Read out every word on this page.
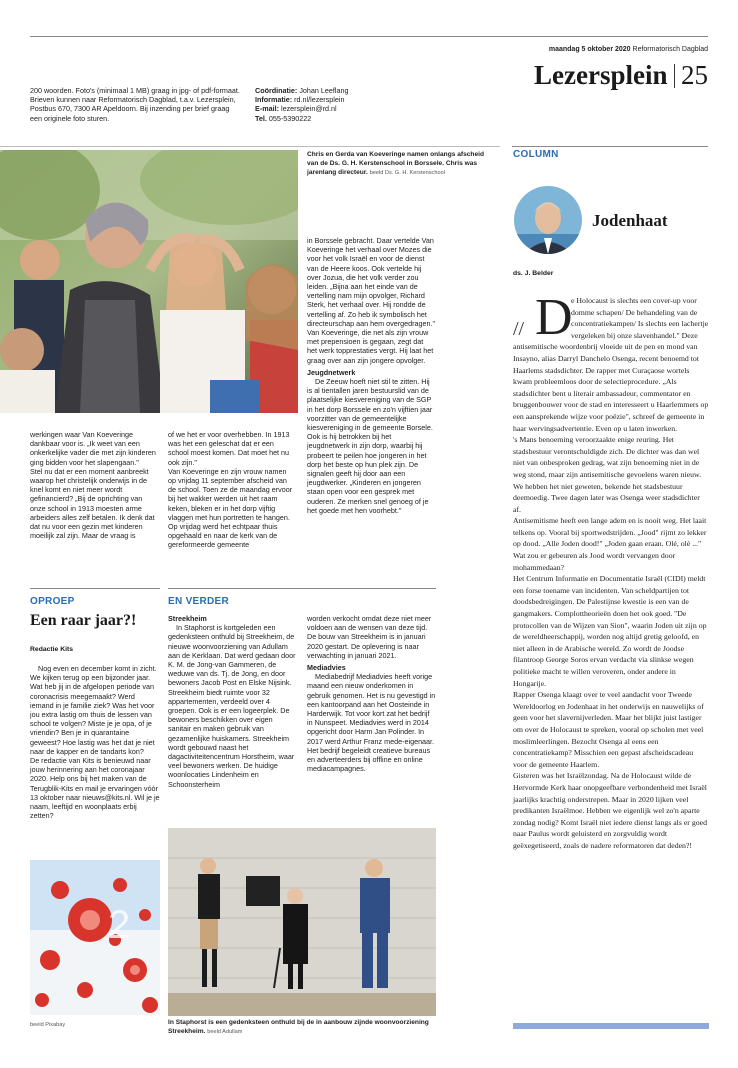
maandag 5 oktober 2020 Reformatorisch Dagblad
Lezersplein 25

200 woorden. Foto's (minimaal 1 MB) graag in jpg- of pdf-formaat. Brieven kunnen naar Reformatorisch Dagblad, t.a.v. Lezersplein, Postbus 670, 7300 AR Apeldoorn. Bij inzending per brief graag een originele foto sturen.

Coördinatie: Johan Leeflang

Informatie: rd.nl/lezersplein

E-mail: lezersplein@rd.nl

Tel. 055-5390222

Chris en Gerda van Koeveringe namen onlangs afscheid van de Ds. G. H. Kerstenschool in Borssele. Chris was jarenlang directeur. beeld Ds. G. H. Kerstenschool

werkingen waar Van Koeveringe dankbaar voor is. „Ik weet van een onkerkelijke vader die met zijn kinderen ging bidden voor het slapengaan."
Stel nu dat er een moment aanbreekt waarop het christelijk onderwijs in de knel komt en niet meer wordt gefinancierd? „Bij de oprichting van onze school in 1913 moesten arme arbeiders alles zelf betalen. Ik denk dat dat nu voor een gezin met kinderen moeilijk zal zijn. Maar de vraag is

of we het er voor overhebben. In 1913 was het een geleschat dat er een school moest komen. Dat moet het nu ook zijn."
Van Koeveringe en zijn vrouw namen op vrijdag 11 september afscheid van de school. Toen ze de maandag ervoor bij het wakker werden uit het raam keken, bleken er in het dorp vijftig vlaggen met hun portretten te hangen. Op vrijdag werd het echtpaar thuis opgehaald en naar de kerk van de gereformeerde gemeente

in Borssele gebracht. Daar vertelde Van Koeveringe het verhaal over Mozes die voor het volk Israël en voor de dienst van de Heere koos. Ook vertelde hij over Jozua, die het volk verder zou leiden. „Bijna aan het einde van de vertelling nam mijn opvolger, Richard Sterk, het verhaal over. Hij rondde de vertelling af. Zo heb ik symbolisch het directeurschap aan hem overgedragen."
Van Koeveringe, die net als zijn vrouw met prepensioen is gegaan, zegt dat het werk topprestaties vergt. Hij laat het graag over aan zijn jongere opvolger.

Jeugdnetwerk

De Zeeuw hoeft niet stil te zitten. Hij is al tientallen jaren bestuurslid van de plaatselijke kiesvereniging van de SGP in het dorp Borssele en zo'n vijftien jaar voorzitter van de gemeentelijke kiesvereniging in de gemeente Borsele. Ook is hij betrokken bij het jeugdnetwerk in zijn dorp, waarbij hij probeert te peilen hoe jongeren in het dorp het beste op hun plek zijn. De signalen geeft hij door aan een jeugdwerker. „Kinderen en jongeren staan open voor een gesprek met ouderen. Ze merken snel genoeg of je het goede met hen voorhebt."

OPROEP
Een raar jaar?!
Redactie Kits

Nog even en december komt in zicht. We kijken terug op een bijzonder jaar. Wat heb jij in de afgelopen periode van coronacrisis meegemaakt? Werd iemand in je familie ziek? Was het voor jou extra lastig om thuis de lessen van school te volgen? Miste je je opa, of je vriendin? Ben je in quarantaine geweest? Hoe lastig was het dat je niet naar de kapper en de tandarts kon?
De redactie van Kits is benieuwd naar jouw herinnering aan het coronajaar 2020. Help ons bij het maken van de Terugblik-Kits en mail je ervaringen vóór 13 oktober naar nieuws@kits.nl. Wil je je naam, leeftijd en woonplaats erbij zetten?

2
beeld Pixabay
EN VERDER
Streekheim

In Staphorst is kortgeleden een gedenksteen onthuld bij Streekheim, de nieuwe woonvoorziening van Adullam aan de Kerklaan. Dat werd gedaan door K. M. de Jong-van Gammeren, de weduwe van ds. Tj. de Jong, en door bewoners Jacob Post en Elske Nijsink.
Streekheim biedt ruimte voor 32 appartementen, verdeeld over 4 groepen. Ook is er een logeerplek. De bewoners beschikken over eigen sanitair en maken gebruik van gezamenlijke huiskamers. Streekheim wordt gebouwd naast het dagactiviteitencentrum Horstheim, waar veel bewoners werken. De huidige woonlocaties Lindenheim en Schoonsterheim

worden verkocht omdat deze niet meer voldoen aan de wensen van deze tijd. De bouw van Streekheim is in januari 2020 gestart. De oplevering is naar verwachting in januari 2021.

Mediadvies

Mediabedrijf Mediadvies heeft vorige maand een nieuw onderkomen in gebruik genomen. Het is nu gevestigd in een kantoorpand aan het Oosteinde in Harderwijk. Tot voor kort zat het bedrijf in Nunspeet. Mediadvies werd in 2014 opgericht door Harm Jan Polinder. In 2017 werd Arthur Franz mede-eigenaar. Het bedrijf begeleidt creatieve bureaus en adverteerders bij offline en online mediacampagnes.

In Staphorst is een gedenksteen onthuld bij de in aanbouw zijnde woonvoorziening Streekheim. beeld Adullam
COLUMN
Jodenhaat
ds. J. Belder
// D

e Holocaust is slechts een cover-up voor domme schapen/ De behandeling van de concentratiekampen/ Is slechts een lachertje vergeleken bij onze slavenhandel." Deze antisemitische woordenbrij vloeide uit de pen en mond van Insayno, alias Darryl Danchelo Osenga, recent benoemd tot Haarlems stadsdichter. De rapper met Curaçaose wortels kwam probleemloos door de selectieprocedure. „Als stadsdichter bent u literair ambassadeur, commentator en bruggenbouwer voor de stad en interesseert u Haarlemmers op een aansprekende wijze voor poëzie", schreef de gemeente in haar wervingsadvertentie. Even op u laten inwerken.

's Mans benoeming veroorzaakte enige reuring. Het stadsbestuur verontschuldigde zich. De dichter was dan wel niet van onbesproken gedrag, wat zijn benoeming niet in de weg stond, maar zijn antisemitische gevoelens waren nieuw. We hebben het niet geweten, bekende het stadsbestuur deemoedig. Twee dagen later was Osenga weer stadsdichter af.
Antisemitisme heeft een lange adem en is nooit weg. Het laait telkens op. Vooral bij sportwedstrijden. „Jood" rijmt zo lekker op dood. „Alle Joden dood!" „Joden gaan eraan. Olé, olé ..." Wat zou er gebeuren als Jood wordt vervangen door mohammedaan?
Het Centrum Informatie en Documentatie Israël (CIDI) meldt een forse toename van incidenten. Van scheldpartijen tot doodsbedreigingen. De Palestijnse kwestie is een van de gangmakers. Complottheorieën doen het ook goed. "De protocollen van de Wijzen van Sion", waarin Joden uit zijn op de wereldheerschappij, worden nog altijd gretig geloofd, en niet alleen in de Arabische wereld. Zo wordt de Joodse filantroop George Soros ervan verdacht via slinkse wegen politieke macht te willen veroveren, onder andere in Hongarije.
Rapper Osenga klaagt over te veel aandacht voor Tweede Wereldoorlog en Jodenhaat in het onderwijs en nauwelijks of geen voor het slavernijverleden. Maar het blijkt juist lastiger om over de Holocaust te spreken, vooral op scholen met veel moslimleerlingen. Bezocht Osenga al eens een concentratiekamp? Misschien een gepast afscheidscadeau voor de gemeente Haarlem.
Gisteren was het Israëlzondag. Na de Holocaust wilde de Hervormde Kerk haar onopgeefbare verbondenheid met Israël jaarlijks krachtig onderstrepen. Maar in 2020 lijken veel predikanten Israëlmoe. Hebben we eigenlijk wel zo'n aparte zondag nodig? Komt Israël niet iedere dienst langs als er goed naar Paulus wordt geluisterd en zorgvuldig wordt geëxegetiseerd, zoals de nadere reformatoren dat deden?!
